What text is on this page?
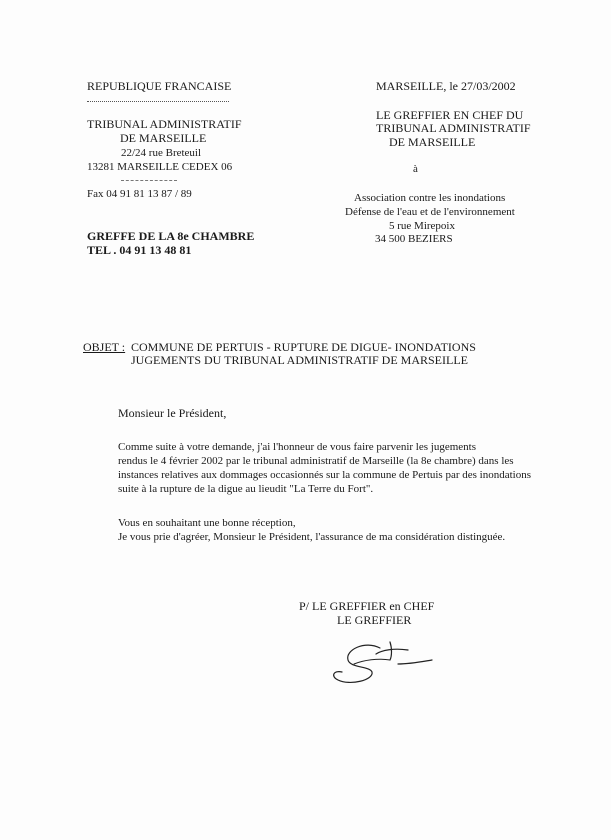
REPUBLIQUE FRANCAISE
TRIBUNAL ADMINISTRATIF
DE MARSEILLE
22/24 rue Breteuil
13281 MARSEILLE CEDEX 06
Fax 04 91 81 13 87 / 89
GREFFE DE LA 8e CHAMBRE
TEL . 04 91 13 48 81
MARSEILLE, le 27/03/2002
LE GREFFIER EN CHEF DU
TRIBUNAL ADMINISTRATIF
DE MARSEILLE
à
Association contre les inondations
Défense de l'eau et de l'environnement
5 rue Mirepoix
34 500 BEZIERS
OBJET : COMMUNE DE PERTUIS - RUPTURE DE DIGUE- INONDATIONS
JUGEMENTS DU TRIBUNAL ADMINISTRATIF DE MARSEILLE
Monsieur le Président,
Comme suite à votre demande, j'ai l'honneur de vous faire parvenir les jugements
rendus le 4 février 2002 par le tribunal administratif de Marseille (la 8e chambre) dans les
instances relatives aux dommages occasionnés sur la commune de Pertuis par des inondations
suite à la rupture de la digue au lieudit "La Terre du Fort".
Vous en souhaitant une bonne réception,
Je vous prie d'agréer, Monsieur le Président, l'assurance de ma considération distinguée.
P/ LE GREFFIER en CHEF
LE GREFFIER
